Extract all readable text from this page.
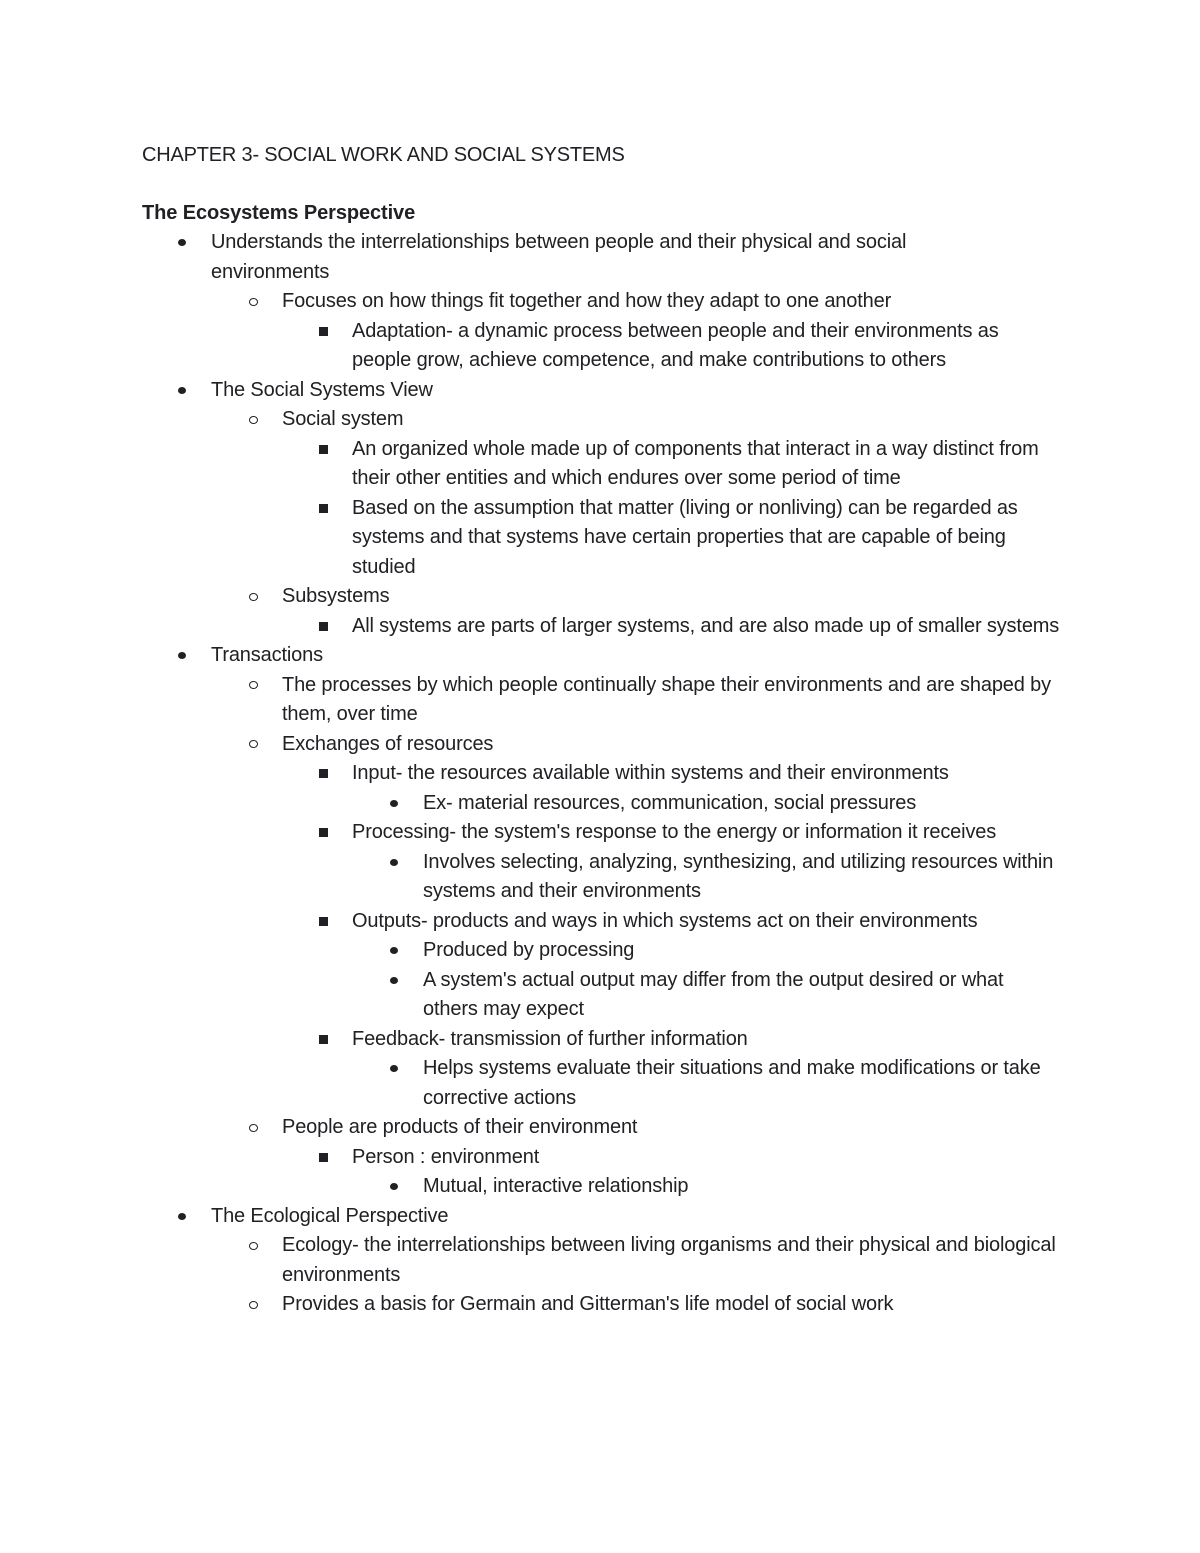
CHAPTER 3- SOCIAL WORK AND SOCIAL SYSTEMS
The Ecosystems Perspective
Understands the interrelationships between people and their physical and social environments
Focuses on how things fit together and how they adapt to one another
Adaptation- a dynamic process between people and their environments as people grow, achieve competence, and make contributions to others
The Social Systems View
Social system
An organized whole made up of components that interact in a way distinct from their other entities and which endures over some period of time
Based on the assumption that matter (living or nonliving) can be regarded as systems and that systems have certain properties that are capable of being studied
Subsystems
All systems are parts of larger systems, and are also made up of smaller systems
Transactions
The processes by which people continually shape their environments and are shaped by them, over time
Exchanges of resources
Input- the resources available within systems and their environments
Ex- material resources, communication, social pressures
Processing- the system's response to the energy or information it receives
Involves selecting, analyzing, synthesizing, and utilizing resources within systems and their environments
Outputs- products and ways in which systems act on their environments
Produced by processing
A system's actual output may differ from the output desired or what others may expect
Feedback- transmission of further information
Helps systems evaluate their situations and make modifications or take corrective actions
People are products of their environment
Person : environment
Mutual, interactive relationship
The Ecological Perspective
Ecology- the interrelationships between living organisms and their physical and biological environments
Provides a basis for Germain and Gitterman's life model of social work
